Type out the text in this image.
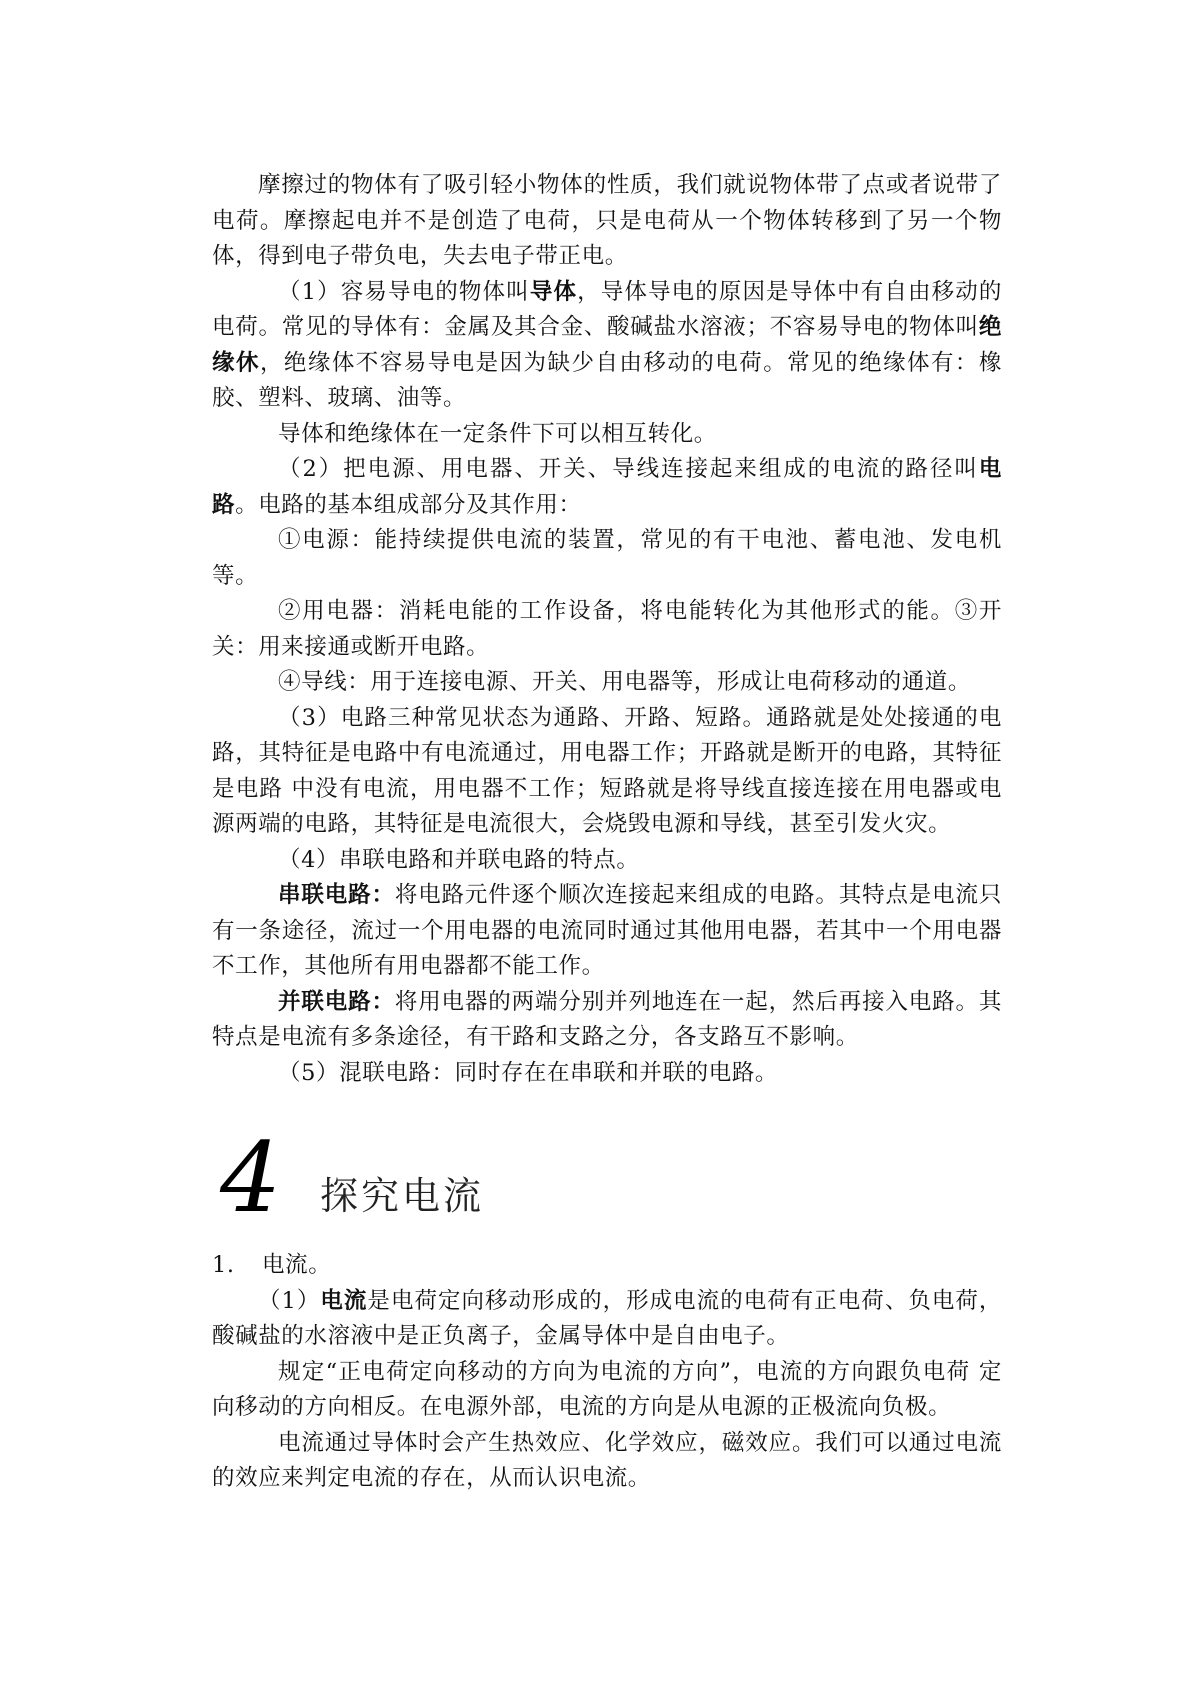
摩擦过的物体有了吸引轻小物体的性质，我们就说物体带了点或者说带了电荷。摩擦起电并不是创造了电荷，只是电荷从一个物体转移到了另一个物体，得到电子带负电，失去电子带正电。

（1）容易导电的物体叫导体，导体导电的原因是导体中有自由移动的电荷。常见的导体有：金属及其合金、酸碱盐水溶液；不容易导电的物体叫绝缘休，绝缘体不容易导电是因为缺少自由移动的电荷。常见的绝缘体有：橡胶、塑料、玻璃、油等。

导体和绝缘体在一定条件下可以相互转化。

（2）把电源、用电器、开关、导线连接起来组成的电流的路径叫电路。电路的基本组成部分及其作用：

①电源：能持续提供电流的装置，常见的有干电池、蓄电池、发电机等。

②用电器：消耗电能的工作设备，将电能转化为其他形式的能。③开关：用来接通或断开电路。

④导线：用于连接电源、开关、用电器等，形成让电荷移动的通道。

（3）电路三种常见状态为通路、开路、短路。通路就是处处接通的电路，其特征是电路中有电流通过，用电器工作；开路就是断开的电路，其特征是电路 中没有电流，用电器不工作；短路就是将导线直接连接在用电器或电源两端的电路，其特征是电流很大，会烧毁电源和导线，甚至引发火灾。

（4）串联电路和并联电路的特点。

串联电路：将电路元件逐个顺次连接起来组成的电路。其特点是电流只有一条途径，流过一个用电器的电流同时通过其他用电器，若其中一个用电器不工作，其他所有用电器都不能工作。

并联电路：将用电器的两端分别并列地连在一起，然后再接入电路。其特点是电流有多条途径，有干路和支路之分，各支路互不影响。

（5）混联电路：同时存在在串联和并联的电路。

4 探究电流

1. 电流。

（1）电流是电荷定向移动形成的，形成电流的电荷有正电荷、负电荷，酸碱盐的水溶液中是正负离子，金属导体中是自由电子。

规定“正电荷定向移动的方向为电流的方向”，电流的方向跟负电荷 定向移动的方向相反。在电源外部，电流的方向是从电源的正极流向负极。

电流通过导体时会产生热效应、化学效应，磁效应。我们可以通过电流的效应来判定电流的存在，从而认识电流。
